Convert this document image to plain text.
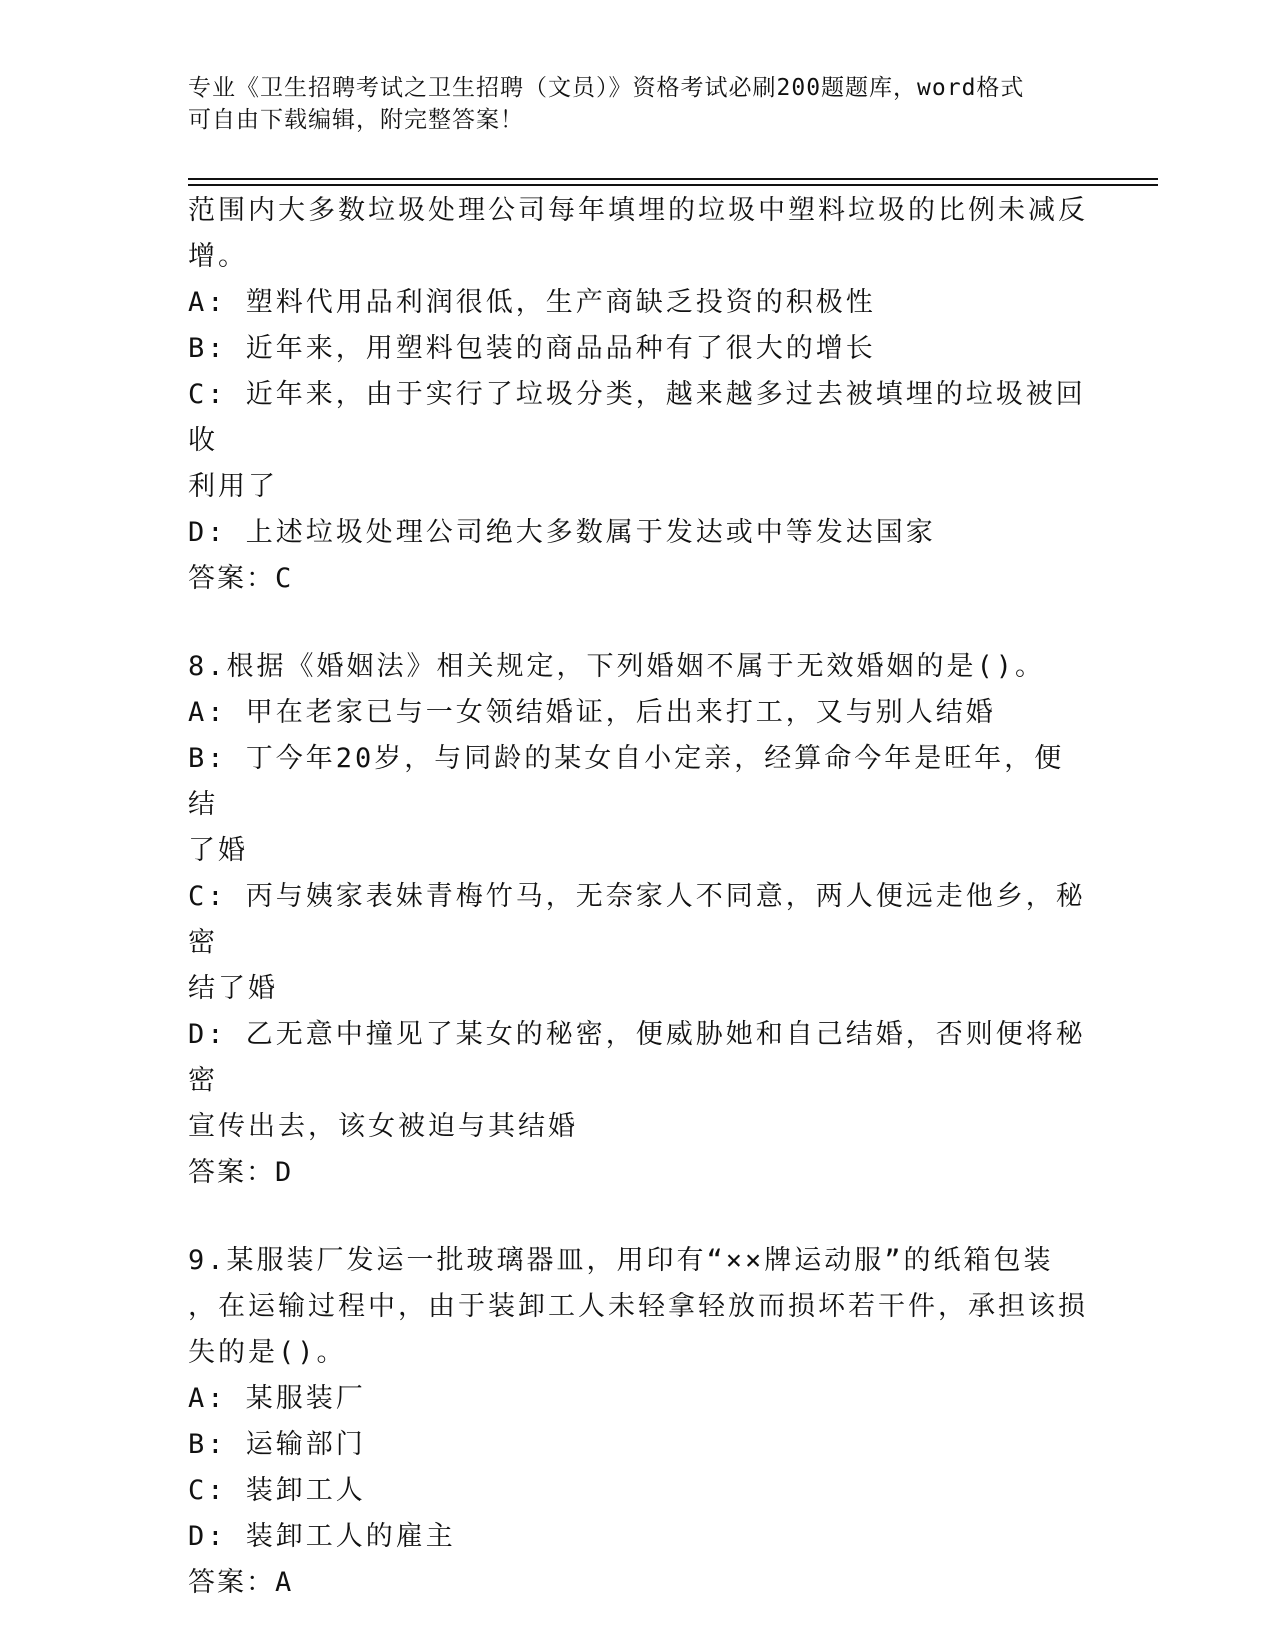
专业《卫生招聘考试之卫生招聘（文员）》资格考试必刷200题题库，word格式
可自由下载编辑，附完整答案！
范围内大多数垃圾处理公司每年填埋的垃圾中塑料垃圾的比例未减反
增。
A: 塑料代用品利润很低，生产商缺乏投资的积极性
B: 近年来，用塑料包装的商品品种有了很大的增长
C: 近年来，由于实行了垃圾分类，越来越多过去被填埋的垃圾被回收
利用了
D: 上述垃圾处理公司绝大多数属于发达或中等发达国家
答案：C
8.根据《婚姻法》相关规定，下列婚姻不属于无效婚姻的是()。
A: 甲在老家已与一女领结婚证，后出来打工，又与别人结婚
B: 丁今年20岁，与同龄的某女自小定亲，经算命今年是旺年，便结
了婚
C: 丙与姨家表妹青梅竹马，无奈家人不同意，两人便远走他乡，秘密
结了婚
D: 乙无意中撞见了某女的秘密，便威胁她和自己结婚，否则便将秘密
宣传出去，该女被迫与其结婚
答案：D
9.某服装厂发运一批玻璃器皿，用印有“××牌运动服”的纸箱包装
，在运输过程中，由于装卸工人未轻拿轻放而损坏若干件，承担该损
失的是()。
A: 某服装厂
B: 运输部门
C: 装卸工人
D: 装卸工人的雇主
答案：A
